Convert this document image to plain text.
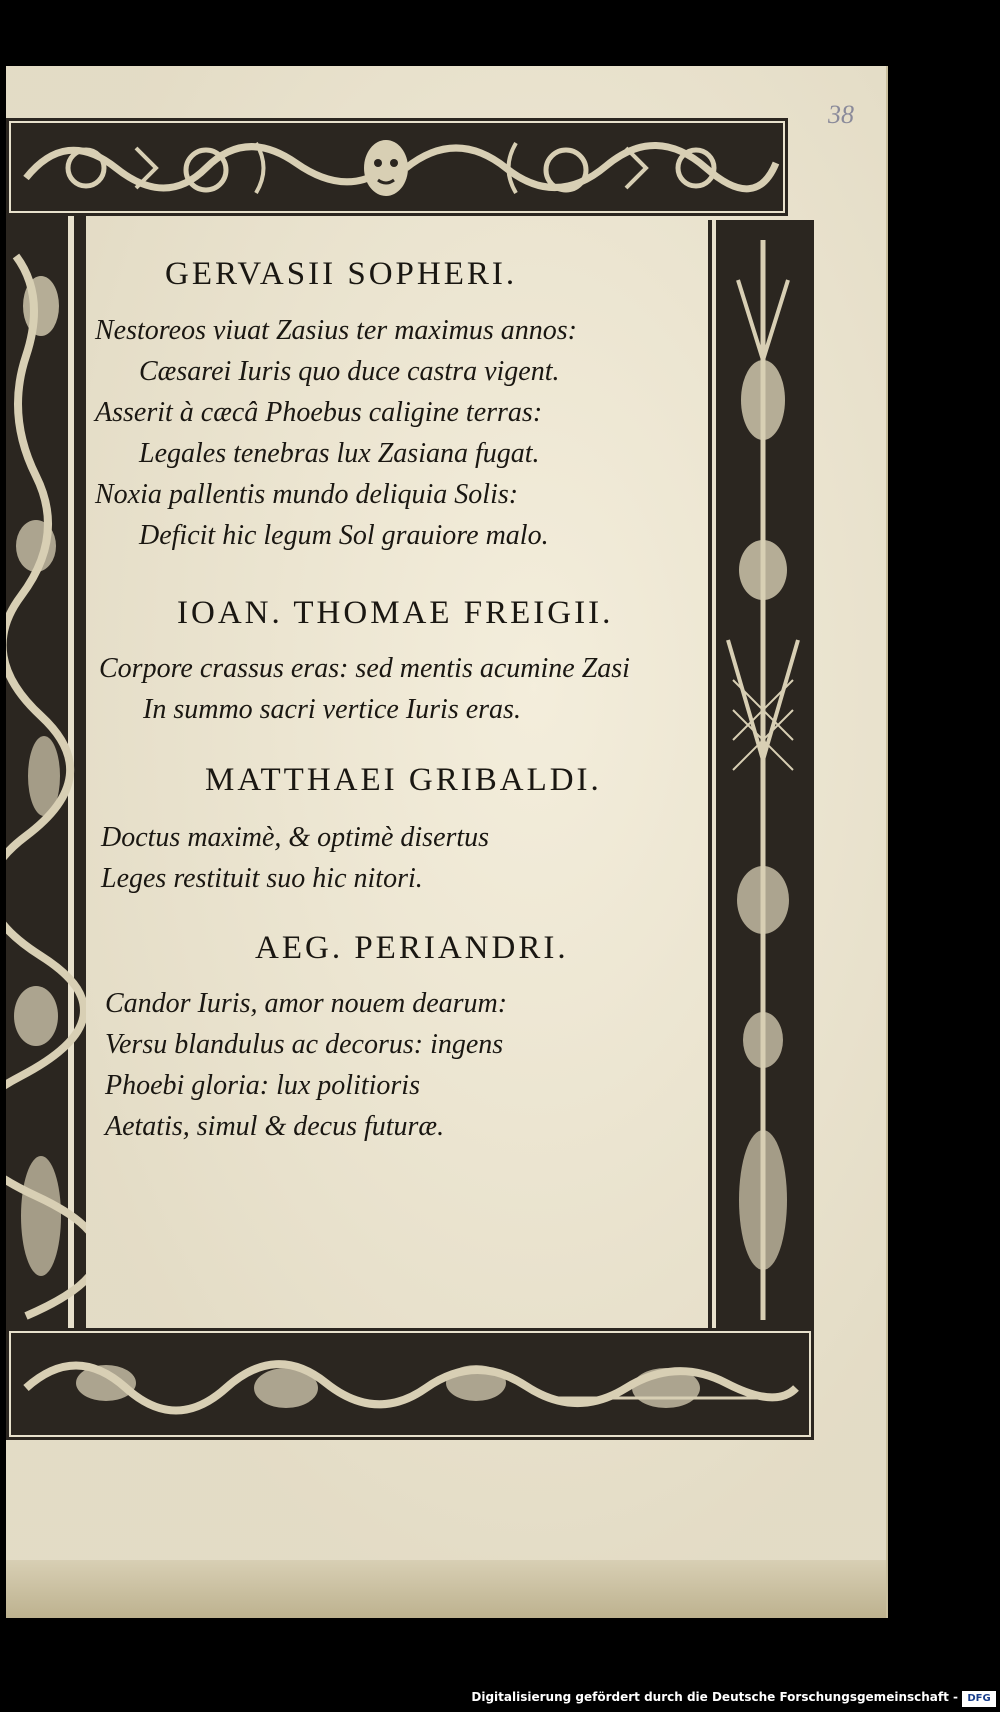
38
GERVASII SOPHERI.

Nestoreos viuat Zasius ter maximus annos:

Cæsarei Iuris quo duce castra vigent.

Asserit à cæcâ Phoebus caligine terras:

Legales tenebras lux Zasiana fugat.

Noxia pallentis mundo deliquia Solis:

Deficit hic legum Sol grauiore malo.

IOAN. THOMAE FREIGII.

Corpore crassus eras: sed mentis acumine Zasi

In summo sacri vertice Iuris eras.

MATTHAEI GRIBALDI.

Doctus maximè, & optimè disertus

Leges restituit suo hic nitori.

AEG. PERIANDRI.

Candor Iuris, amor nouem dearum:

Versu blandulus ac decorus: ingens

Phoebi gloria: lux politioris

Aetatis, simul & decus futuræ.

Digitalisierung gefördert durch die Deutsche Forschungsgemeinschaft - DFG
